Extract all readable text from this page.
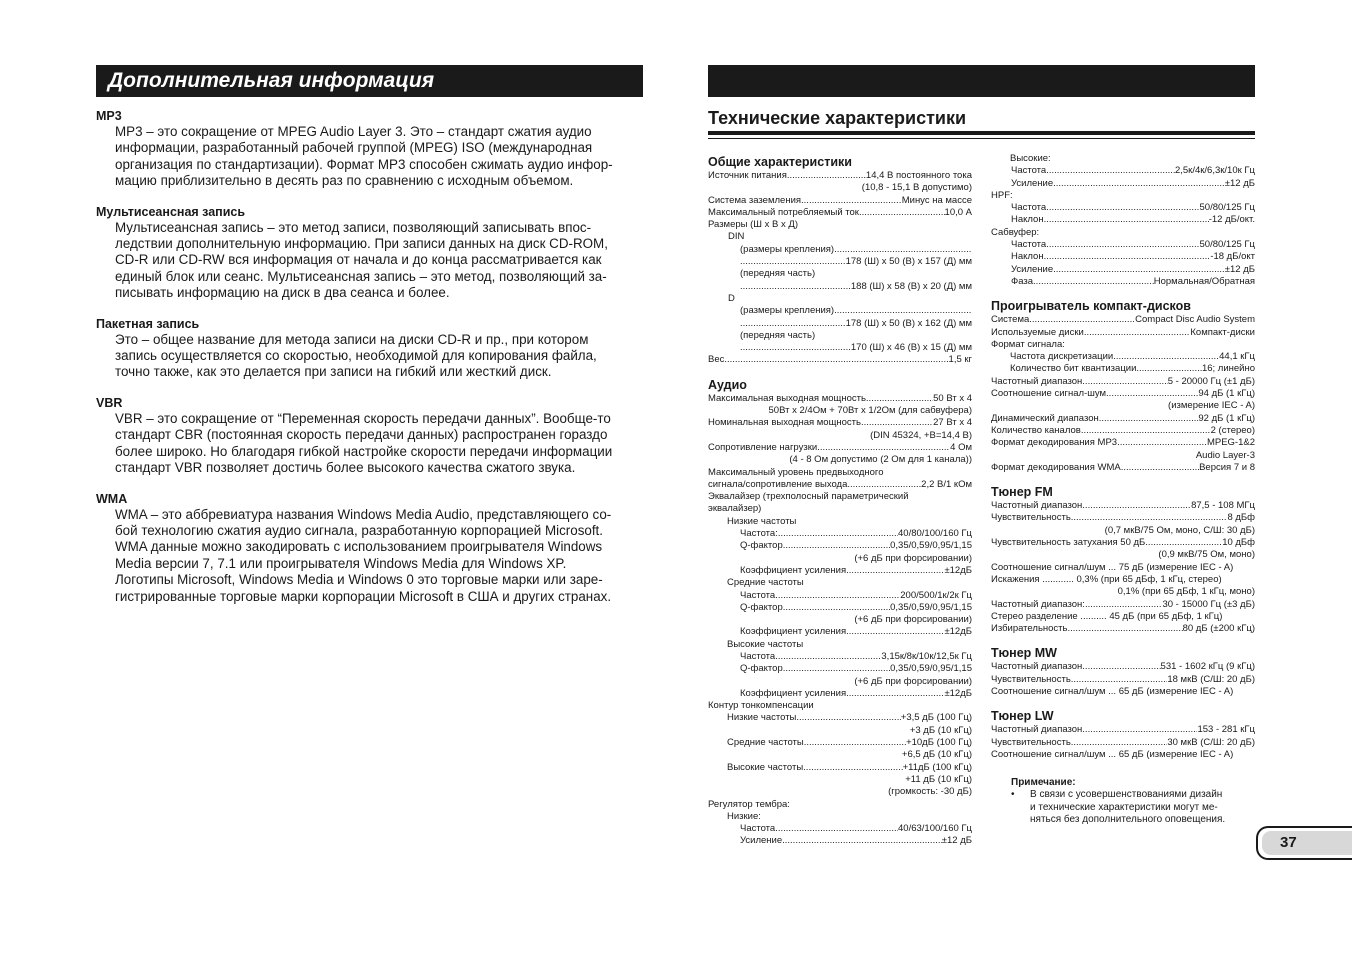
Дополнительная информация
MP3
MP3 – это сокращение от MPEG Audio Layer 3. Это – стандарт сжатия аудио
информации, разработанный рабочей группой (MPEG) ISO (международная
организация по стандартизации). Формат MP3 способен сжимать аудио инфор-
мацию приблизительно в десять раз по сравнению с исходным объемом.
Мультисеансная запись
Мультисеансная запись – это метод записи, позволяющий записывать впос-
ледствии дополнительную информацию. При записи данных на диск CD-ROM,
CD-R или CD-RW вся информация от начала и до конца рассматривается как
единый блок или сеанс. Мультисеансная запись – это метод, позволяющий за-
писывать информацию на диск в два сеанса и более.
Пакетная запись
Это – общее название для метода записи на диски CD-R и пр., при котором
запись осуществляется со скоростью, необходимой для копирования файла,
точно также, как это делается при записи на гибкий или жесткий диск.
VBR
VBR – это сокращение от “Переменная скорость передачи данных”. Вообще-то
стандарт CBR (постоянная скорость передачи данных) распространен гораздо
более широко. Но благодаря гибкой настройке скорости передачи информации
стандарт VBR позволяет достичь более высокого качества сжатого звука.
WMA
WMA – это аббревиатура названия Windows Media Audio, представляющего со-
бой технологию сжатия аудио сигнала, разработанную корпорацией Microsoft.
WMA данные можно закодировать с использованием проигрывателя Windows
Media версии 7, 7.1 или проигрывателя Windows Media для Windows XP.
Логотипы Microsoft, Windows Media и Windows 0 это торговые марки или заре-
гистрированные торговые марки корпорации Microsoft в США и других странах.
Технические характеристики
Общие характеристики
Источник питания .....	14,4 В постоянного тока
(10,8 - 15,1 В допустимо)
Система заземления .....	Минус на массе
Максимальный потребляемый ток .....	10,0 А
Размеры (Ш х В х Д)
DIN
(размеры крепления)
.....
.....
178 (Ш) х 50 (В) х 157 (Д) мм
(передняя часть)
.....
188 (Ш) х 58 (В) х 20 (Д) мм
D
(размеры крепления)
.....
.....
178 (Ш) х 50 (В) х 162 (Д) мм
(передняя часть)
.....
170 (Ш) х 46 (В) х 15 (Д) мм
Вес .....	1,5 кг
Аудио
Максимальная выходная мощность .....	50 Вт х 4
50Вт х 2/4Ом + 70Вт х 1/2Ом (для сабвуфера)
Номинальная выходная мощность .....	27 Вт х 4
(DIN 45324, +B=14,4 В)
Сопротивление нагрузки .....	4 Ом
(4 - 8 Ом допустимо (2 Ом для 1 канала))
Максимальный уровень предвыходного
сигнала/сопротивление выхода .....	2,2 В/1 кОм
Эквалайзер (трехполосный параметрический
эквалайзер)
Низкие частоты
Частота: .....	40/80/100/160 Гц
Q-фактор .....	0,35/0,59/0,95/1,15
(+6 дБ при форсировании)
Коэффициент усиления .....	±12дБ
Средние частоты
Частота .....	200/500/1к/2к Гц
Q-фактор .....	0,35/0,59/0,95/1,15
(+6 дБ при форсировании)
Коэффициент усиления .....	±12дБ
Высокие частоты
Частота .....	3,15к/8к/10к/12,5к Гц
Q-фактор .....	0,35/0,59/0,95/1,15
(+6 дБ при форсировании)
Коэффициент усиления .....	±12дБ
Контур тонкомпенсации
Низкие частоты .....	+3,5 дБ (100 Гц)
+3 дБ (10 кГц)
Средние частоты .....	+10дБ (100 Гц)
+6,5 дБ (10 кГц)
Высокие частоты .....	+11дБ (100 кГц)
+11 дБ (10 кГц)
(громкость: -30 дБ)
Регулятор тембра:
Низкие:
Частота .....	40/63/100/160 Гц
Усиление .....	±12 дБ
Высокие:
Частота .....	2,5к/4к/6,3к/10к Гц
Усиление .....	±12 дБ
HPF:
Частота .....	50/80/125 Гц
Наклон .....	-12 дБ/окт.
Сабвуфер:
Частота .....	50/80/125 Гц
Наклон .....	-18 дБ/окт
Усиление .....	±12 дБ
Фаза .....	Нормальная/Обратная
Проигрыватель компакт-дисков
Система .....	Compact Disc Audio System
Используемые диски .....	Компакт-диски
Формат сигнала:
Частота дискретизации .....	44,1 кГц
Количество бит квантизации .....	16; линейно
Частотный диапазон .....	5 - 20000 Гц (±1 дБ)
Соотношение сигнал-шум .....	94 дБ (1 кГц)
(измерение IEC - A)
Динамический диапазон .....	92 дБ (1 кГц)
Количество каналов .....	2 (стерео)
Формат декодирования MP3 .....	MPEG-1&2
Audio Layer-3
Формат декодирования WMA .....	Версия 7 и 8
Тюнер FM
Частотный диапазон .....	87,5 - 108 МГц
Чувствительность .....	8 дБф
(0,7 мкВ/75 Ом, моно, С/Ш: 30 дБ)
Чувствительность затухания 50 дБ .....	10 дБф
(0,9 мкВ/75 Ом, моно)
Соотношение сигнал/шум ... 75 дБ (измерение IEC - A)
Искажения ............ 0,3% (при 65 дБф, 1 кГц, стерео)
0,1% (при 65 дБф, 1 кГц, моно)
Частотный диапазон: .....	30 - 15000 Гц (±3 дБ)
Стерео разделение .......... 45 дБ (при 65 дБф, 1 кГц)
Избирательность .....	80 дБ (±200 кГц)
Тюнер MW
Частотный диапазон .....	531 - 1602 кГц (9 кГц)
Чувствительность .....	18 мкВ (С/Ш: 20 дБ)
Соотношение сигнал/шум ... 65 дБ (измерение IEC - A)
Тюнер LW
Частотный диапазон .....	153 - 281 кГц
Чувствительность .....	30 мкВ (С/Ш: 20 дБ)
Соотношение сигнал/шум ... 65 дБ (измерение IEC - A)
Примечание:
•	В связи с усовершенствованиями дизайн
и технические характеристики могут ме-
няться без дополнительного оповещения.
37
